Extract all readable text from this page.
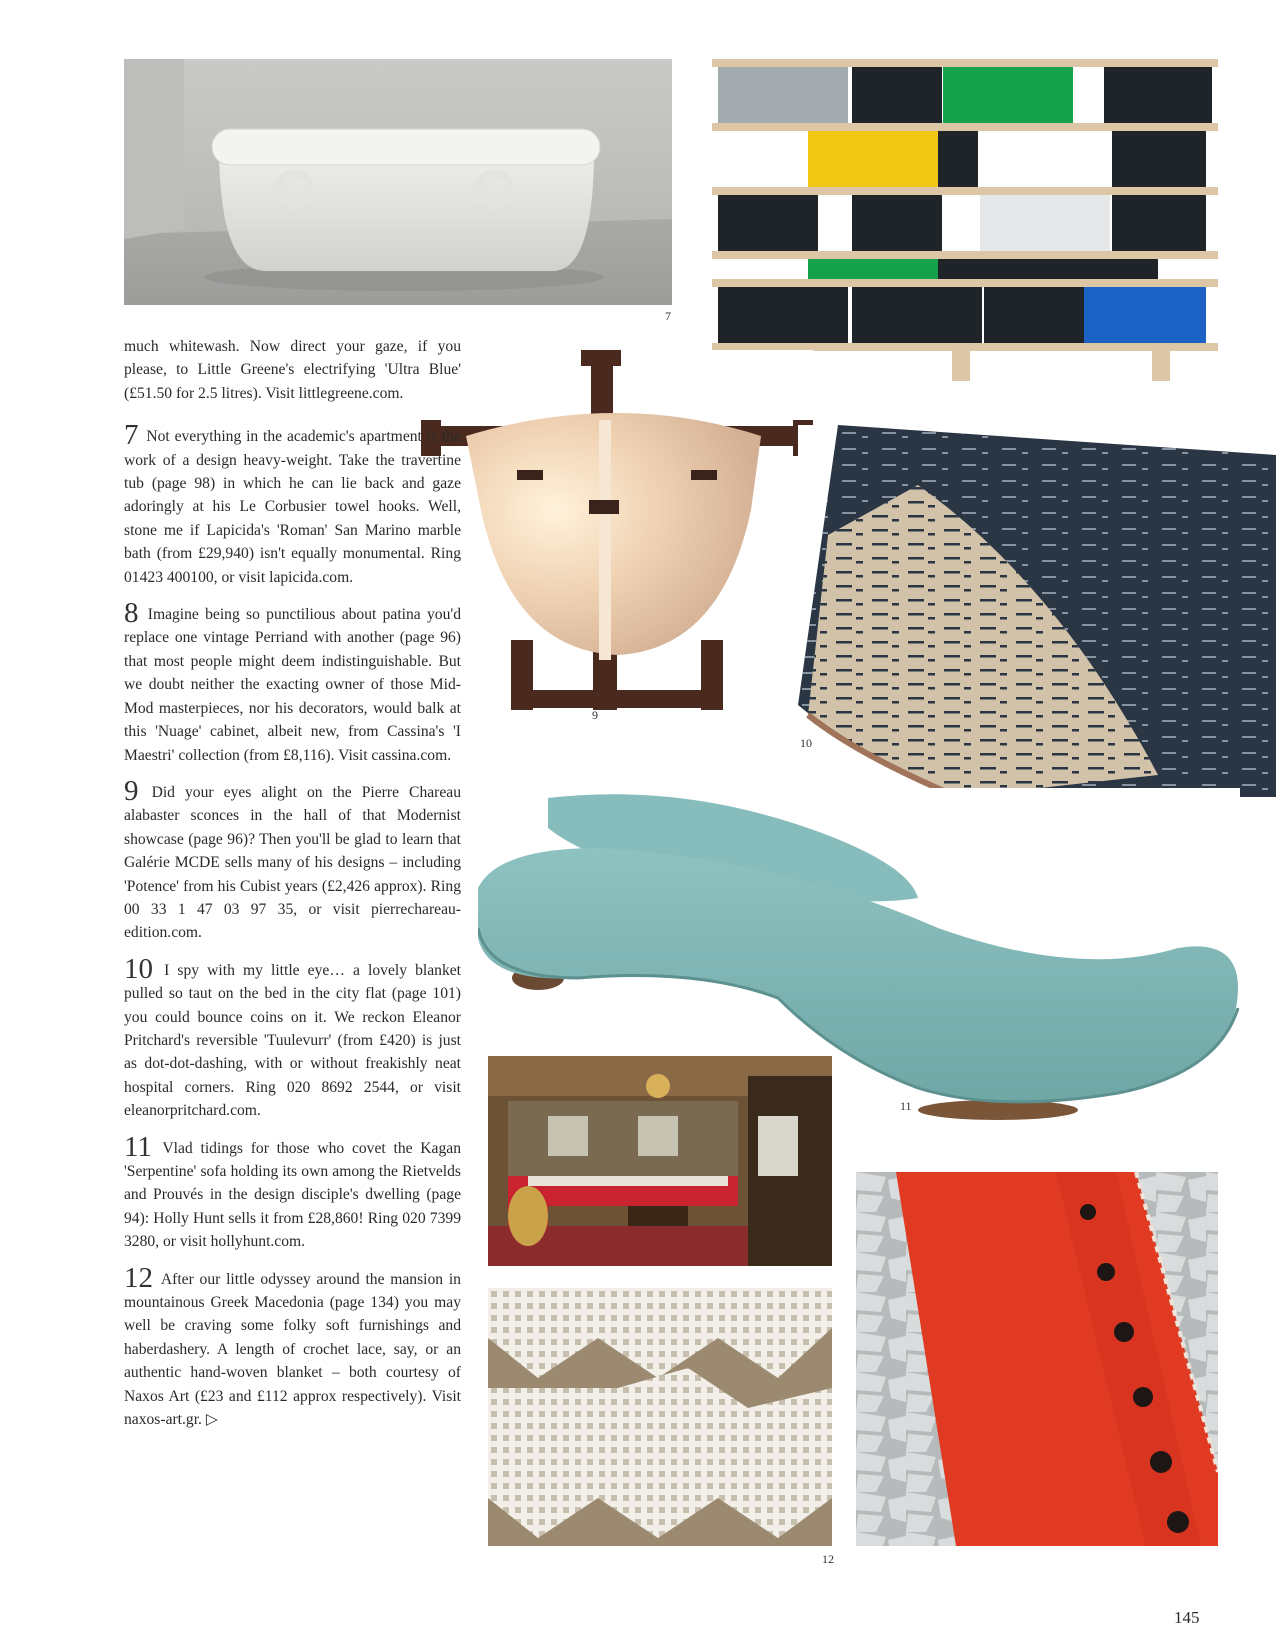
7
9
10
11
12

much whitewash. Now direct your gaze, if you please, to Little Greene's electrifying 'Ultra Blue' (£51.50 for 2.5 litres). Visit littlegreene.com.

7 Not everything in the academic's apartment is the work of a design heavy-weight. Take the travertine tub (page 98) in which he can lie back and gaze adoringly at his Le Corbusier towel hooks. Well, stone me if Lapicida's 'Roman' San Marino marble bath (from £29,940) isn't equally monumental. Ring 01423 400100, or visit lapicida.com.

8 Imagine being so punctilious about patina you'd replace one vintage Perriand with another (page 96) that most people might deem indistinguishable. But we doubt neither the exacting owner of those Mid-Mod masterpieces, nor his decorators, would balk at this 'Nuage' cabinet, albeit new, from Cassina's 'I Maestri' collection (from £8,116). Visit cassina.com.

9 Did your eyes alight on the Pierre Chareau alabaster sconces in the hall of that Modernist showcase (page 96)? Then you'll be glad to learn that Galérie MCDE sells many of his designs – including 'Potence' from his Cubist years (£2,426 approx). Ring 00 33 1 47 03 97 35, or visit pierrechareau-edition.com.

10 I spy with my little eye… a lovely blanket pulled so taut on the bed in the city flat (page 101) you could bounce coins on it. We reckon Eleanor Pritchard's reversible 'Tuulevurr' (from £420) is just as dot-dot-dashing, with or without freakishly neat hospital corners. Ring 020 8692 2544, or visit eleanorpritchard.com.

11 Vlad tidings for those who covet the Kagan 'Serpentine' sofa holding its own among the Rietvelds and Prouvés in the design disciple's dwelling (page 94): Holly Hunt sells it from £28,860! Ring 020 7399 3280, or visit hollyhunt.com.

12 After our little odyssey around the mansion in mountainous Greek Macedonia (page 134) you may well be craving some folky soft furnishings and haberdashery. A length of crochet lace, say, or an authentic hand-woven blanket – both courtesy of Naxos Art (£23 and £112 approx respectively). Visit naxos-art.gr. ▷

145
